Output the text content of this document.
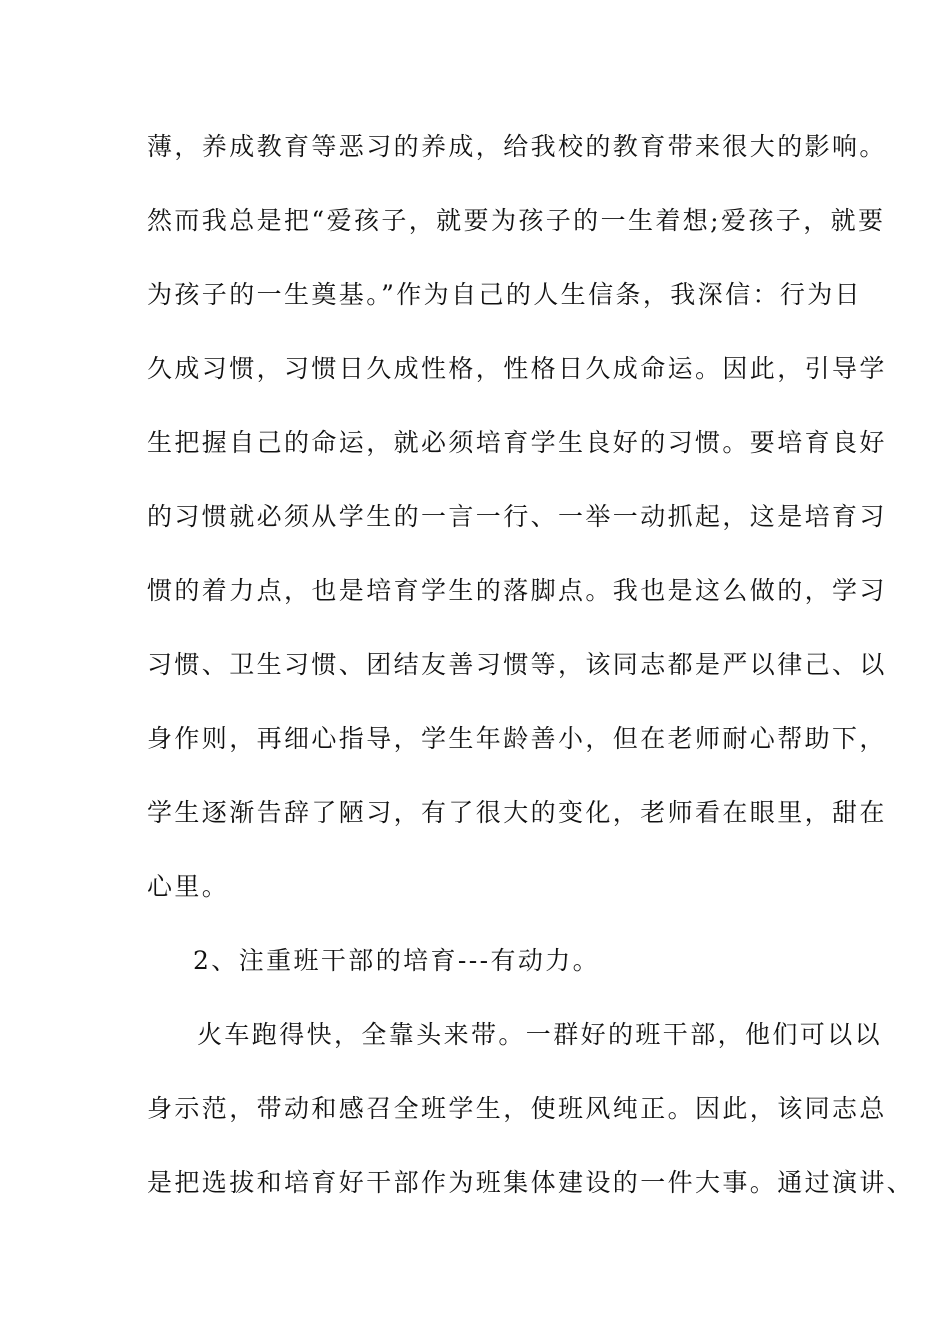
薄，养成教育等恶习的养成，给我校的教育带来很大的影响。
然而我总是把“爱孩子，就要为孩子的一生着想;爱孩子，就要
为孩子的一生奠基。”作为自己的人生信条，我深信：行为日
久成习惯，习惯日久成性格，性格日久成命运。因此，引导学
生把握自己的命运，就必须培育学生良好的习惯。要培育良好
的习惯就必须从学生的一言一行、一举一动抓起，这是培育习
惯的着力点，也是培育学生的落脚点。我也是这么做的，学习
习惯、卫生习惯、团结友善习惯等，该同志都是严以律己、以
身作则，再细心指导，学生年龄善小，但在老师耐心帮助下，
学生逐渐告辞了陋习，有了很大的变化，老师看在眼里，甜在
心里。
2、注重班干部的培育---有动力。
火车跑得快，全靠头来带。一群好的班干部，他们可以以
身示范，带动和感召全班学生，使班风纯正。因此，该同志总
是把选拔和培育好干部作为班集体建设的一件大事。通过演讲、
